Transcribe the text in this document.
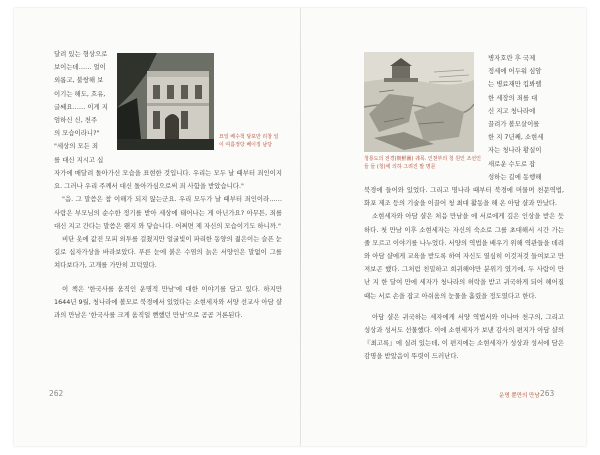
달려 있는 형상으로

보이는데…… 얼이

외롭고, 불쌍해 보

이기는 해도, 흐유,

글쎄요…… 이게 지

엄하신 신, 천주

의 모습이라니?"

"세상의 모든 죄

를 대신 지시고 십

묘일 베수척 닿포만 리창 일이 여름정당 베이징 남당

자가에 매달려 돌아가신 모습을 표현한 것입니다. 우리는 모두 날 때부터 죄인이지요. 그러나 우리 주께서 대신 돌아가심으로써 죄 사함을 받았습니다."

"음. 그 말씀은 참 이해가 되지 않는군요. 우리 모두가 날 때부터 죄인이라…… 사람은 부모님의 순수한 정기를 받아 세상에 태어나는 게 아닌가요? 아무튼, 죄를 대신 지고 간다는 말씀은 왠지 와 닿습니다. 어쩌면 제 자신의 모습이기도 하니까."

비단 옷에 값진 모피 외투를 걸쳤지만 얼굴빛이 파리한 동양의 젊은이는 슬픈 눈길로 십자가상을 바라보았다. 푸른 눈에 붉은 수염의 늙은 서양인은 말없이 그를 쳐다보다가, 고개를 가만히 끄덕였다.

이 책은 '한국사를 움직인 운명적 만남'에 대한 이야기를 담고 있다. 하지만 1644년 9월, 청나라에 볼모로 북경에서 있었다는 소현세자와 서양 선교사 아담 샬과의 만남은 '한국사를 크게 움직일 뻔했던 만남'으로 곰곰 거론된다.

262
청룡도의 전경(朝鮮圖) 궤목. 인천부의 청 원인 조선인들 들 (청)에 의하 그려진 발 명문

병자호란 후 국제

정세에 어두워 심암

는 병료재만 킵봐렐

한 세장의 죄를 대

신 지고 청나라에

끌려가 볼모살이를

한 지 7년째, 소현세

자는 청나라 황실이

새로운 수도로 잡

성하는 길에 동행해

북경에 들어와 있었다. 그리고 명나라 때부터 북경에 머물며 천문역법, 화포 제조 등의 기술을 이끌어 청 최대 활동을 해 온 아담 샬과 만났다.

소현세자와 아담 샬은 처음 만남을 에 서로에게 깊은 인상을 받은 듯하다. 첫 만남 이후 소현세자는 자신의 숙소로 그를 초대해서 시간 가는 줄 모르고 이야기를 나누었다. 서양의 역법을 배우기 위해 역관들을 데려와 아담 샬에게 교육을 받도록 하여 자신도 열심히 이것저것 들여보고 만져보곤 했다. 그처럼 친밀하고 희귀해야만 분위기 였기에, 두 사람이 만난 지 한 달여 만에 세자가 청나라의 허락을 받고 귀국하게 되어 헤어질 때는 서로 손을 잡고 아쉬움의 눈물을 흘렸을 정도였다고 한다.

아담 샬은 귀국하는 세자에게 서양 역법서와 이나마 천구의, 그리고 성상과 성서도 선물했다. 이에 소현세자가 보낸 감사의 편지가 아담 샬의 『최고록』에 실려 있는데, 이 편지에는 소현세자가 성상과 성서에 담은 감명을 받았음이 뚜렷이 드러난다.

운명 뿐만의 만남 263
